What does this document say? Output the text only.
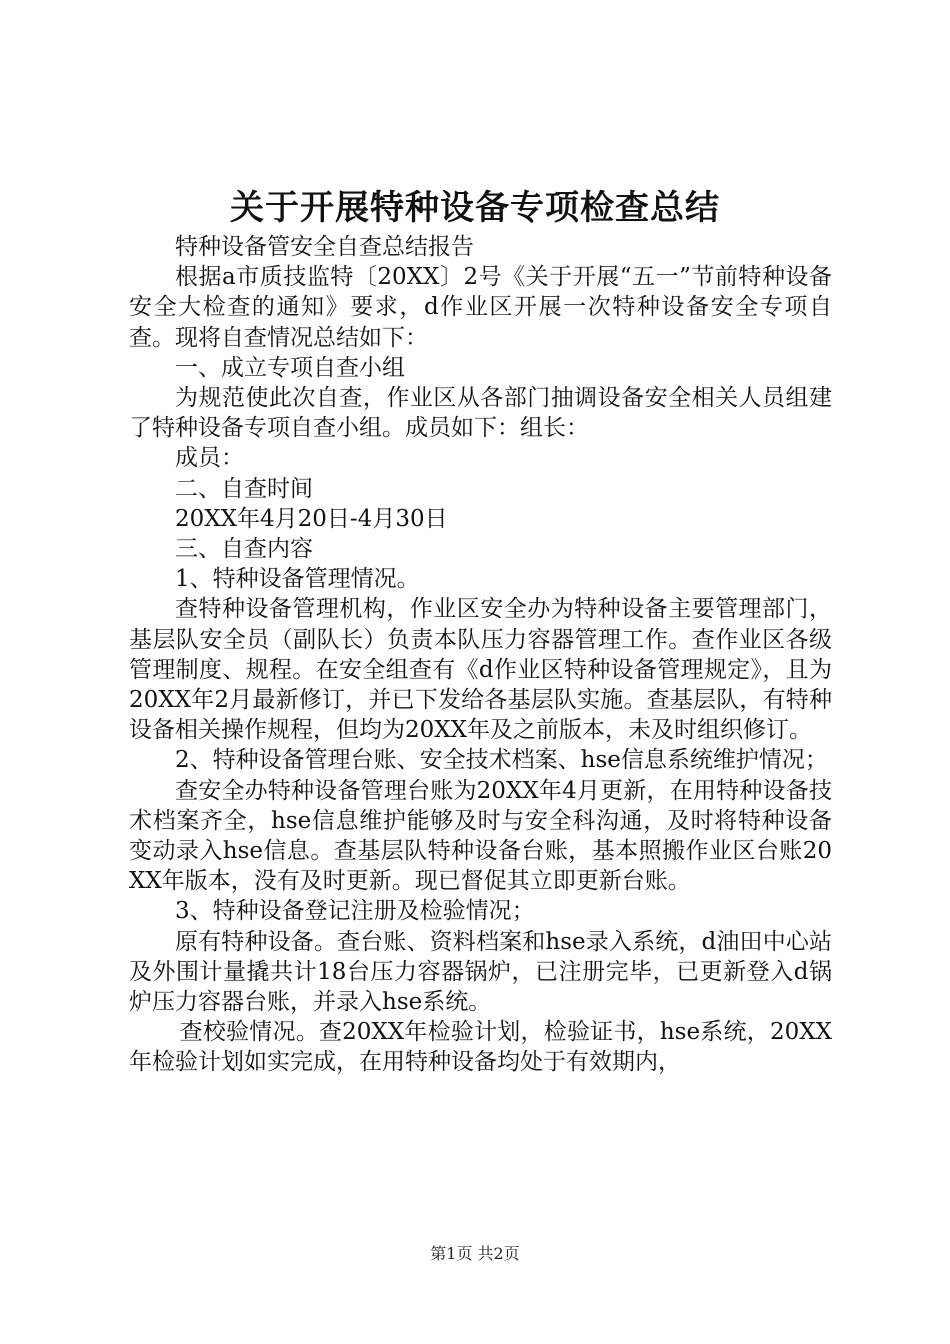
关于开展特种设备专项检查总结

特种设备管安全自查总结报告

根据a市质技监特〔20XX〕2号《关于开展“五一”节前特种设备安全大检查的通知》要求，d作业区开展一次特种设备安全专项自查。现将自查情况总结如下：

一、成立专项自查小组

为规范使此次自查，作业区从各部门抽调设备安全相关人员组建了特种设备专项自查小组。成员如下：组长：

成员：

二、自查时间

20XX年4月20日-4月30日

三、自查内容

1、特种设备管理情况。

查特种设备管理机构，作业区安全办为特种设备主要管理部门，基层队安全员（副队长）负责本队压力容器管理工作。查作业区各级管理制度、规程。在安全组查有《d作业区特种设备管理规定》，且为20XX年2月最新修订，并已下发给各基层队实施。查基层队，有特种设备相关操作规程，但均为20XX年及之前版本，未及时组织修订。

2、特种设备管理台账、安全技术档案、hse信息系统维护情况；

查安全办特种设备管理台账为20XX年4月更新，在用特种设备技术档案齐全，hse信息维护能够及时与安全科沟通，及时将特种设备变动录入hse信息。查基层队特种设备台账，基本照搬作业区台账20XX年版本，没有及时更新。现已督促其立即更新台账。

3、特种设备登记注册及检验情况；

原有特种设备。查台账、资料档案和hse录入系统，d油田中心站及外围计量撬共计18台压力容器锅炉，已注册完毕，已更新登入d锅炉压力容器台账，并录入hse系统。

查校验情况。查20XX年检验计划，检验证书，hse系统，20XX年检验计划如实完成，在用特种设备均处于有效期内，

第1页 共2页
